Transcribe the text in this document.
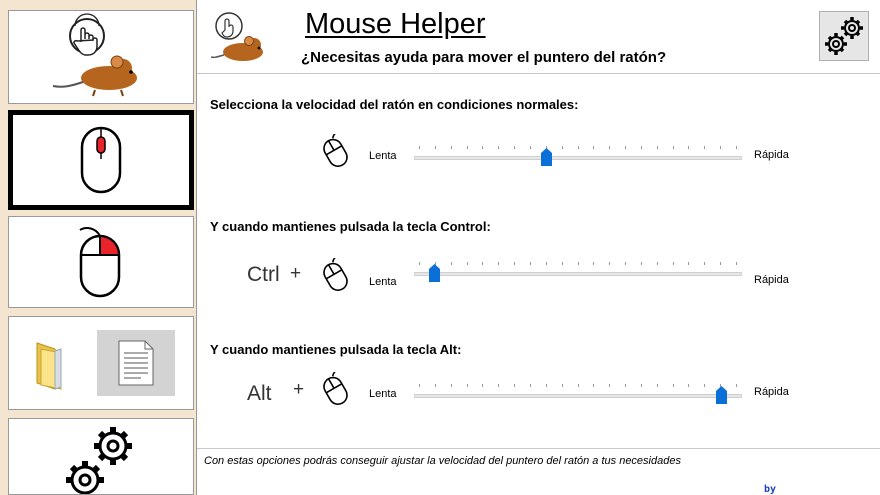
Mouse Helper
¿Necesitas ayuda para mover el puntero del ratón?
Selecciona la velocidad del ratón en condiciones normales:
Lenta	Rápida
Y cuando mantienes pulsada la tecla Control:
Ctrl +	Lenta	Rápida
Y cuando mantienes pulsada la tecla Alt:
Alt +	Lenta	Rápida
Con estas opciones podrás conseguir ajustar la velocidad del puntero del ratón a tus necesidades
by
